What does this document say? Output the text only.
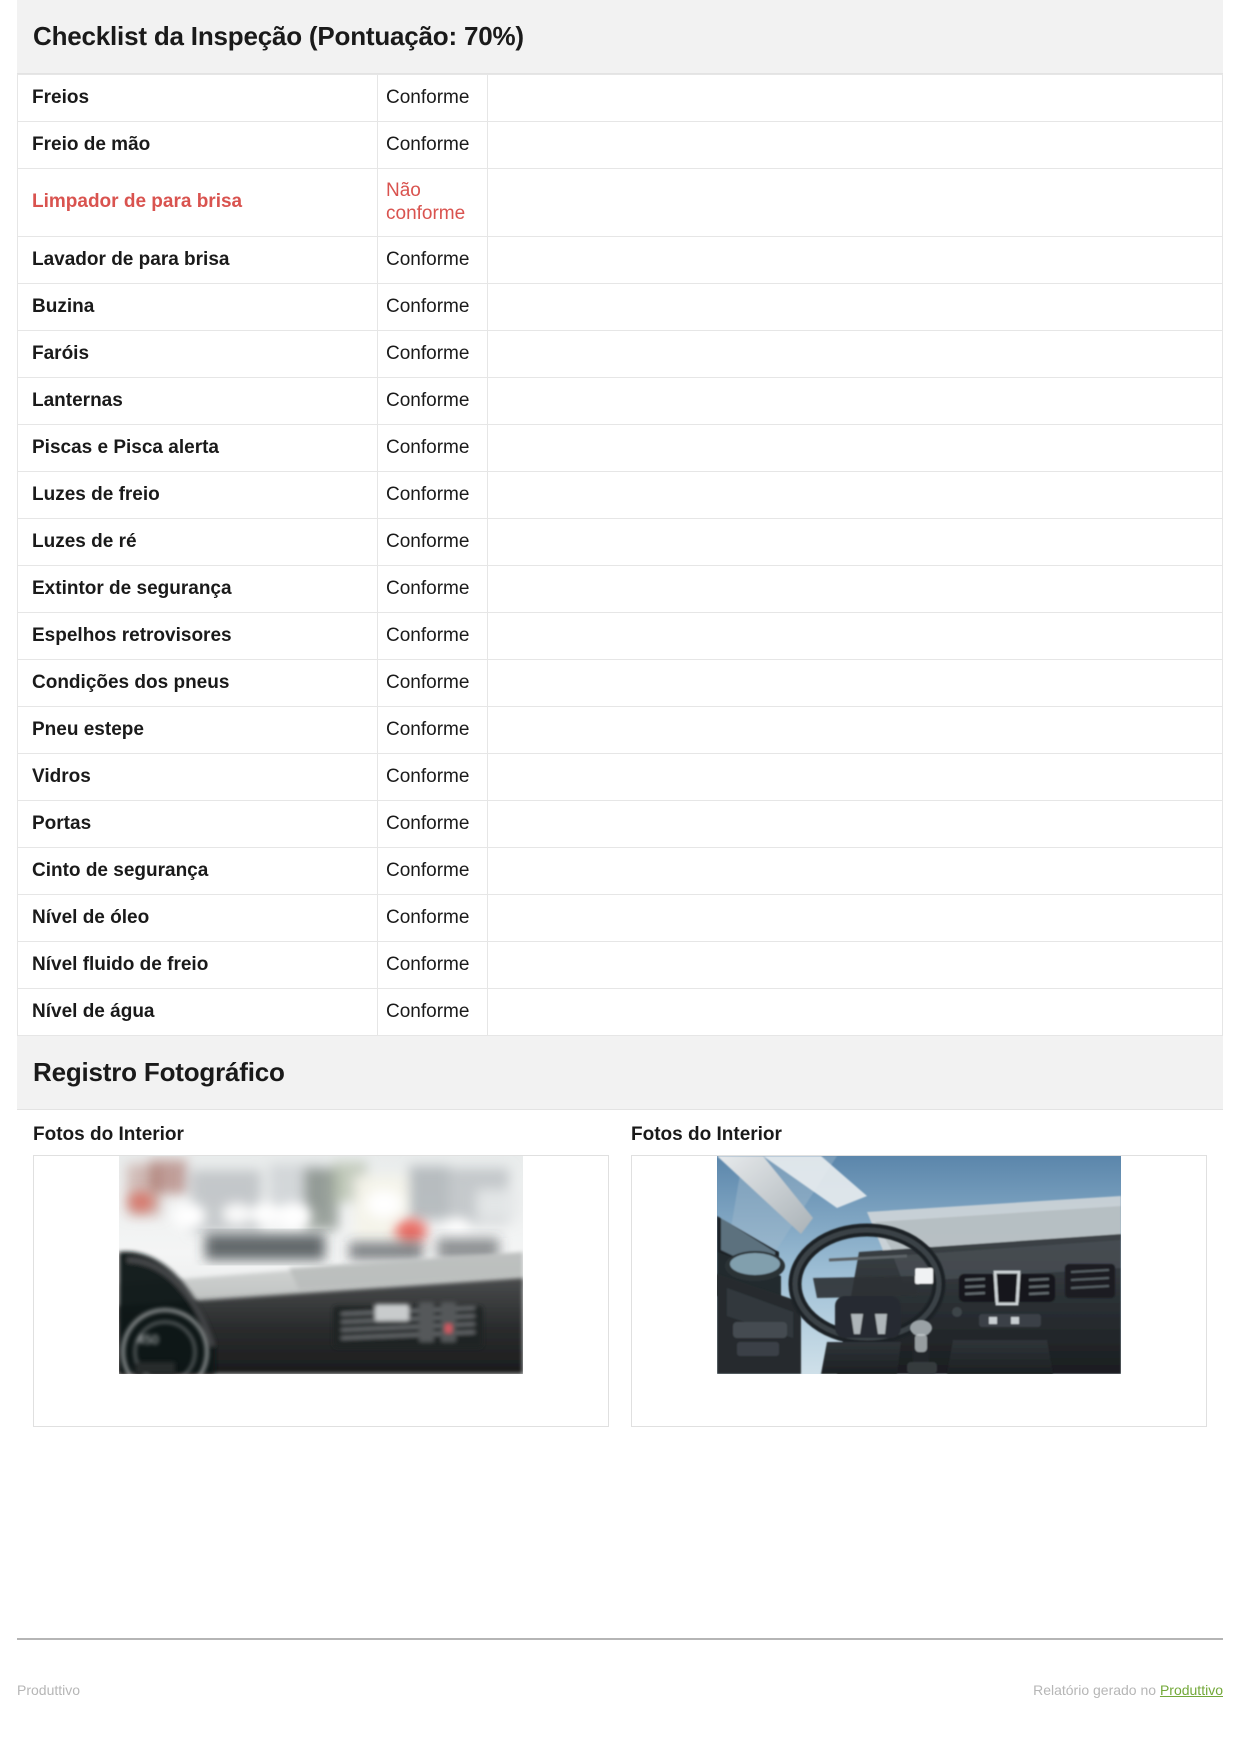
Checklist da Inspeção (Pontuação: 70%)
Freios	Conforme	
Freio de mão	Conforme	
Limpador de para brisa	Não conforme	
Lavador de para brisa	Conforme	
Buzina	Conforme	
Faróis	Conforme	
Lanternas	Conforme	
Piscas e Pisca alerta	Conforme	
Luzes de freio	Conforme	
Luzes de ré	Conforme	
Extintor de segurança	Conforme	
Espelhos retrovisores	Conforme	
Condições dos pneus	Conforme	
Pneu estepe	Conforme	
Vidros	Conforme	
Portas	Conforme	
Cinto de segurança	Conforme	
Nível de óleo	Conforme	
Nível fluido de freio	Conforme	
Nível de água	Conforme	
Registro Fotográfico
Fotos do Interior
450
Fotos do Interior
Produttivo	Relatório gerado no Produttivo
